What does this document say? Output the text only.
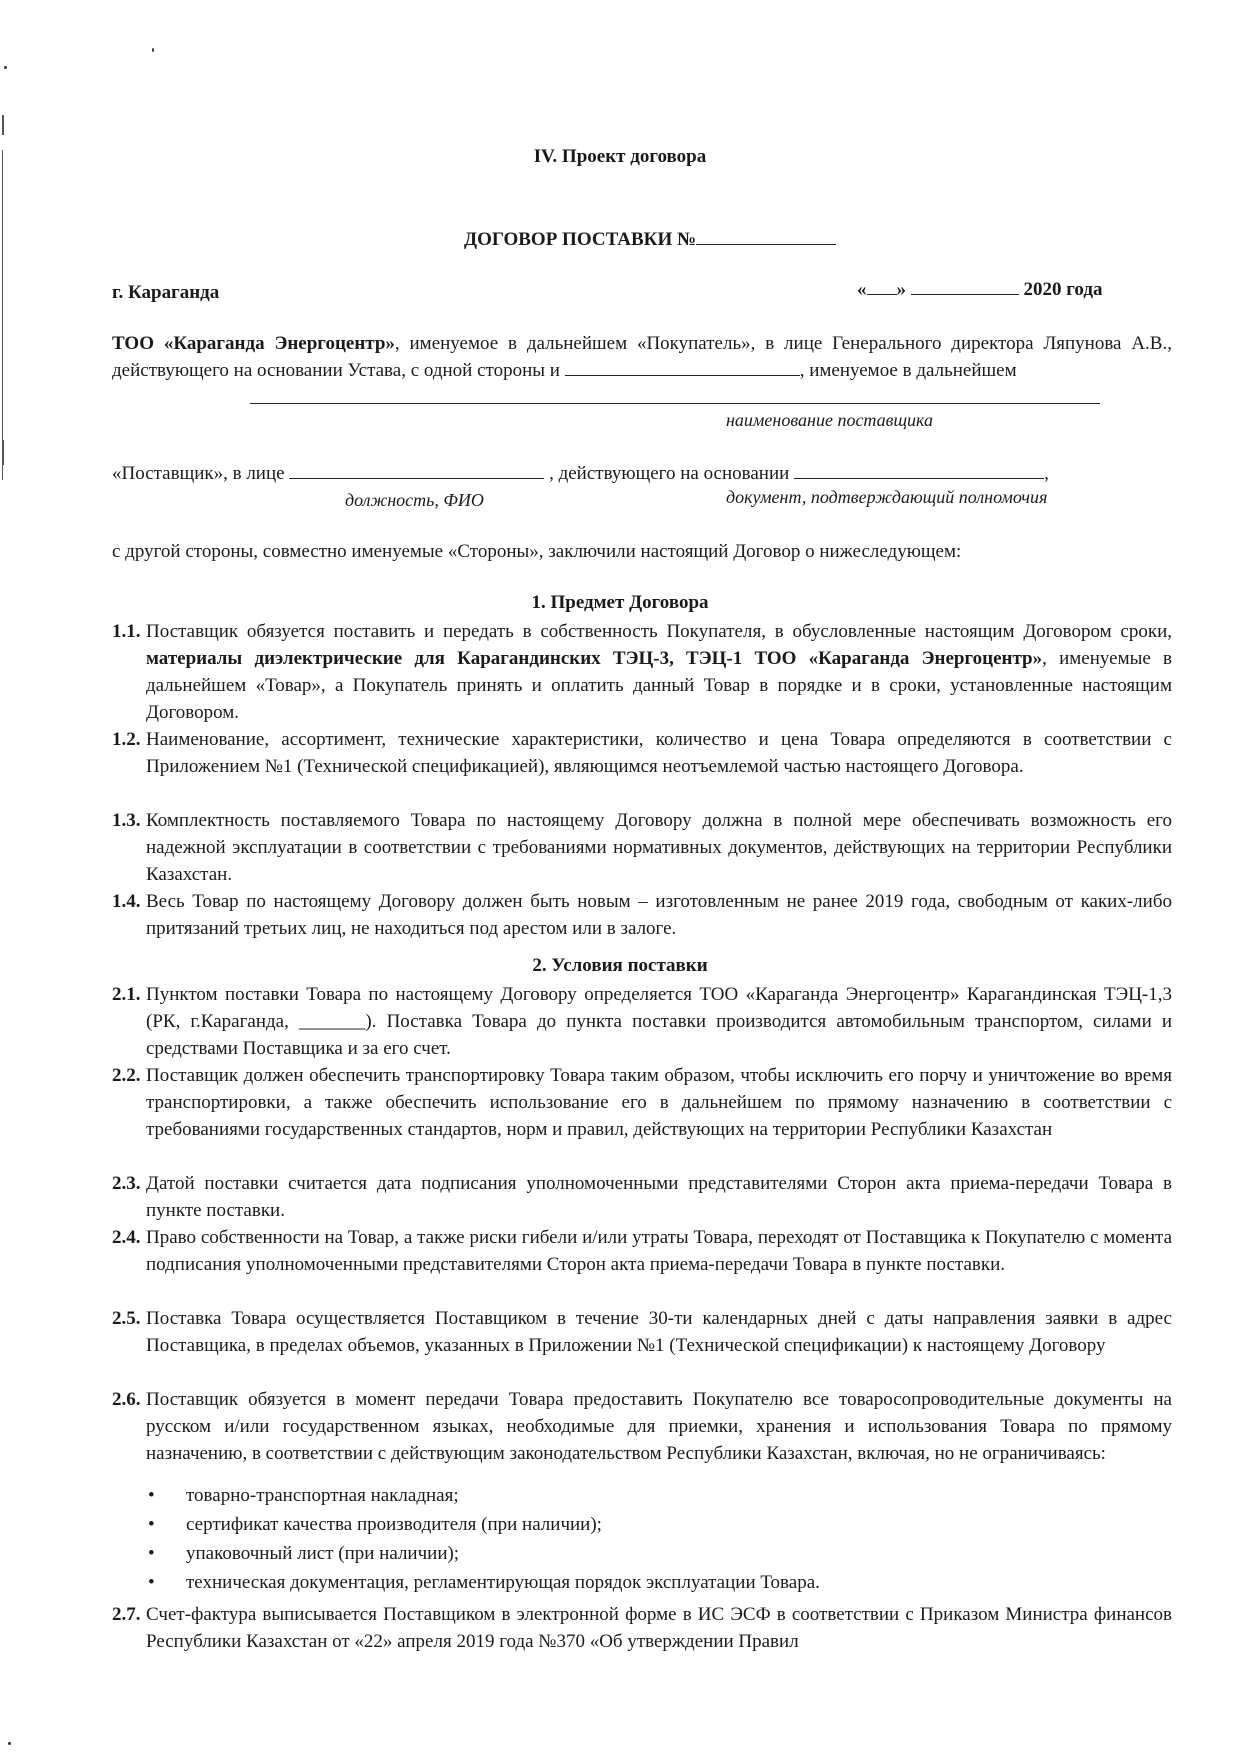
IV. Проект договора
ДОГОВОР ПОСТАВКИ №
г. Караганда	« »	2020 года
ТОО «Караганда Энергоцентр», именуемое в дальнейшем «Покупатель», в лице Генерального директора Ляпунова А.В., действующего на основании Устава, с одной стороны и	, именуемое в дальнейшем
наименование поставщика
«Поставщик», в лице	, действующего на основании	,
должность, ФИО	документ, подтверждающий полномочия
с другой стороны, совместно именуемые «Стороны», заключили настоящий Договор о нижеследующем:
1. Предмет Договора
1.1. Поставщик обязуется поставить и передать в собственность Покупателя, в обусловленные настоящим Договором сроки, материалы диэлектрические для Карагандинских ТЭЦ-3, ТЭЦ-1 ТОО «Караганда Энергоцентр», именуемые в дальнейшем «Товар», а Покупатель принять и оплатить данный Товар в порядке и в сроки, установленные настоящим Договором.
1.2. Наименование, ассортимент, технические характеристики, количество и цена Товара определяются в соответствии с Приложением №1 (Технической спецификацией), являющимся неотъемлемой частью настоящего Договора.
1.3. Комплектность поставляемого Товара по настоящему Договору должна в полной мере обеспечивать возможность его надежной эксплуатации в соответствии с требованиями нормативных документов, действующих на территории Республики Казахстан.
1.4. Весь Товар по настоящему Договору должен быть новым – изготовленным не ранее 2019 года, свободным от каких-либо притязаний третьих лиц, не находиться под арестом или в залоге.
2. Условия поставки
2.1. Пунктом поставки Товара по настоящему Договору определяется ТОО «Караганда Энергоцентр» Карагандинская ТЭЦ-1,3 (РК, г.Караганда, _______). Поставка Товара до пункта поставки производится автомобильным транспортом, силами и средствами Поставщика и за его счет.
2.2. Поставщик должен обеспечить транспортировку Товара таким образом, чтобы исключить его порчу и уничтожение во время транспортировки, а также обеспечить использование его в дальнейшем по прямому назначению в соответствии с требованиями государственных стандартов, норм и правил, действующих на территории Республики Казахстан
2.3. Датой поставки считается дата подписания уполномоченными представителями Сторон акта приема-передачи Товара в пункте поставки.
2.4. Право собственности на Товар, а также риски гибели и/или утраты Товара, переходят от Поставщика к Покупателю с момента подписания уполномоченными представителями Сторон акта приема-передачи Товара в пункте поставки.
2.5. Поставка Товара осуществляется Поставщиком в течение 30-ти календарных дней с даты направления заявки в адрес Поставщика, в пределах объемов, указанных в Приложении №1 (Технической спецификации) к настоящему Договору
2.6. Поставщик обязуется в момент передачи Товара предоставить Покупателю все товаросопроводительные документы на русском и/или государственном языках, необходимые для приемки, хранения и использования Товара по прямому назначению, в соответствии с действующим законодательством Республики Казахстан, включая, но не ограничиваясь:
• товарно-транспортная накладная;
• сертификат качества производителя (при наличии);
• упаковочный лист (при наличии);
• техническая документация, регламентирующая порядок эксплуатации Товара.
2.7. Счет-фактура выписывается Поставщиком в электронной форме в ИС ЭСФ в соответствии с Приказом Министра финансов Республики Казахстан от «22» апреля 2019 года №370 «Об утверждении Правил
